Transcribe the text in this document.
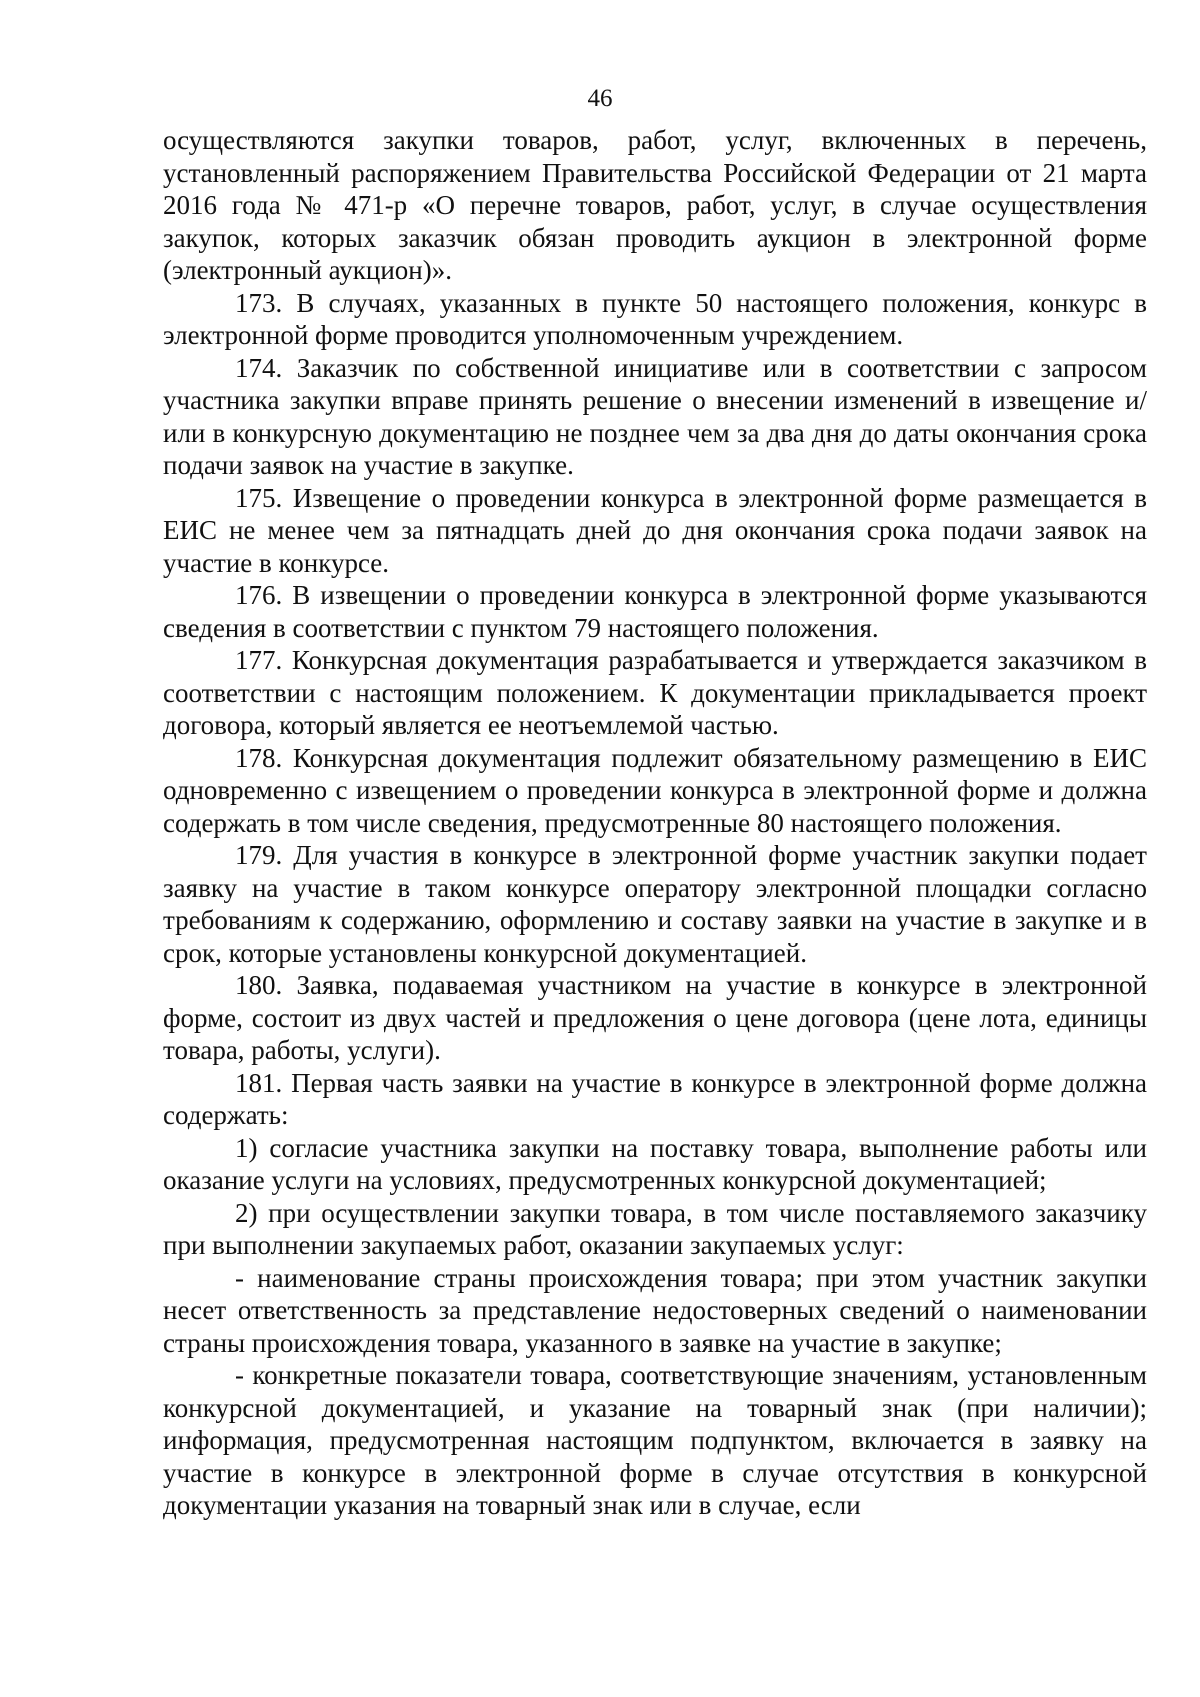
46

осуществляются закупки товаров, работ, услуг, включенных в перечень, установленный распоряжением Правительства Российской Федерации от 21 марта 2016 года № 471-р «О перечне товаров, работ, услуг, в случае осуществления закупок, которых заказчик обязан проводить аукцион в электронной форме (электронный аукцион)».

173. В случаях, указанных в пункте 50 настоящего положения, конкурс в электронной форме проводится уполномоченным учреждением.

174. Заказчик по собственной инициативе или в соответствии с запросом участника закупки вправе принять решение о внесении изменений в извещение и/или в конкурсную документацию не позднее чем за два дня до даты окончания срока подачи заявок на участие в закупке.

175. Извещение о проведении конкурса в электронной форме размещается в ЕИС не менее чем за пятнадцать дней до дня окончания срока подачи заявок на участие в конкурсе.

176. В извещении о проведении конкурса в электронной форме указываются сведения в соответствии с пунктом 79 настоящего положения.

177. Конкурсная документация разрабатывается и утверждается заказчиком в соответствии с настоящим положением. К документации прикладывается проект договора, который является ее неотъемлемой частью.

178. Конкурсная документация подлежит обязательному размещению в ЕИС одновременно с извещением о проведении конкурса в электронной форме и должна содержать в том числе сведения, предусмотренные 80 настоящего положения.

179. Для участия в конкурсе в электронной форме участник закупки подает заявку на участие в таком конкурсе оператору электронной площадки согласно требованиям к содержанию, оформлению и составу заявки на участие в закупке и в срок, которые установлены конкурсной документацией.

180. Заявка, подаваемая участником на участие в конкурсе в электронной форме, состоит из двух частей и предложения о цене договора (цене лота, единицы товара, работы, услуги).

181. Первая часть заявки на участие в конкурсе в электронной форме должна содержать:

1) согласие участника закупки на поставку товара, выполнение работы или оказание услуги на условиях, предусмотренных конкурсной документацией;

2) при осуществлении закупки товара, в том числе поставляемого заказчику при выполнении закупаемых работ, оказании закупаемых услуг:

- наименование страны происхождения товара; при этом участник закупки несет ответственность за представление недостоверных сведений о наименовании страны происхождения товара, указанного в заявке на участие в закупке;

- конкретные показатели товара, соответствующие значениям, установленным конкурсной документацией, и указание на товарный знак (при наличии); информация, предусмотренная настоящим подпунктом, включается в заявку на участие в конкурсе в электронной форме в случае отсутствия в конкурсной документации указания на товарный знак или в случае, если
